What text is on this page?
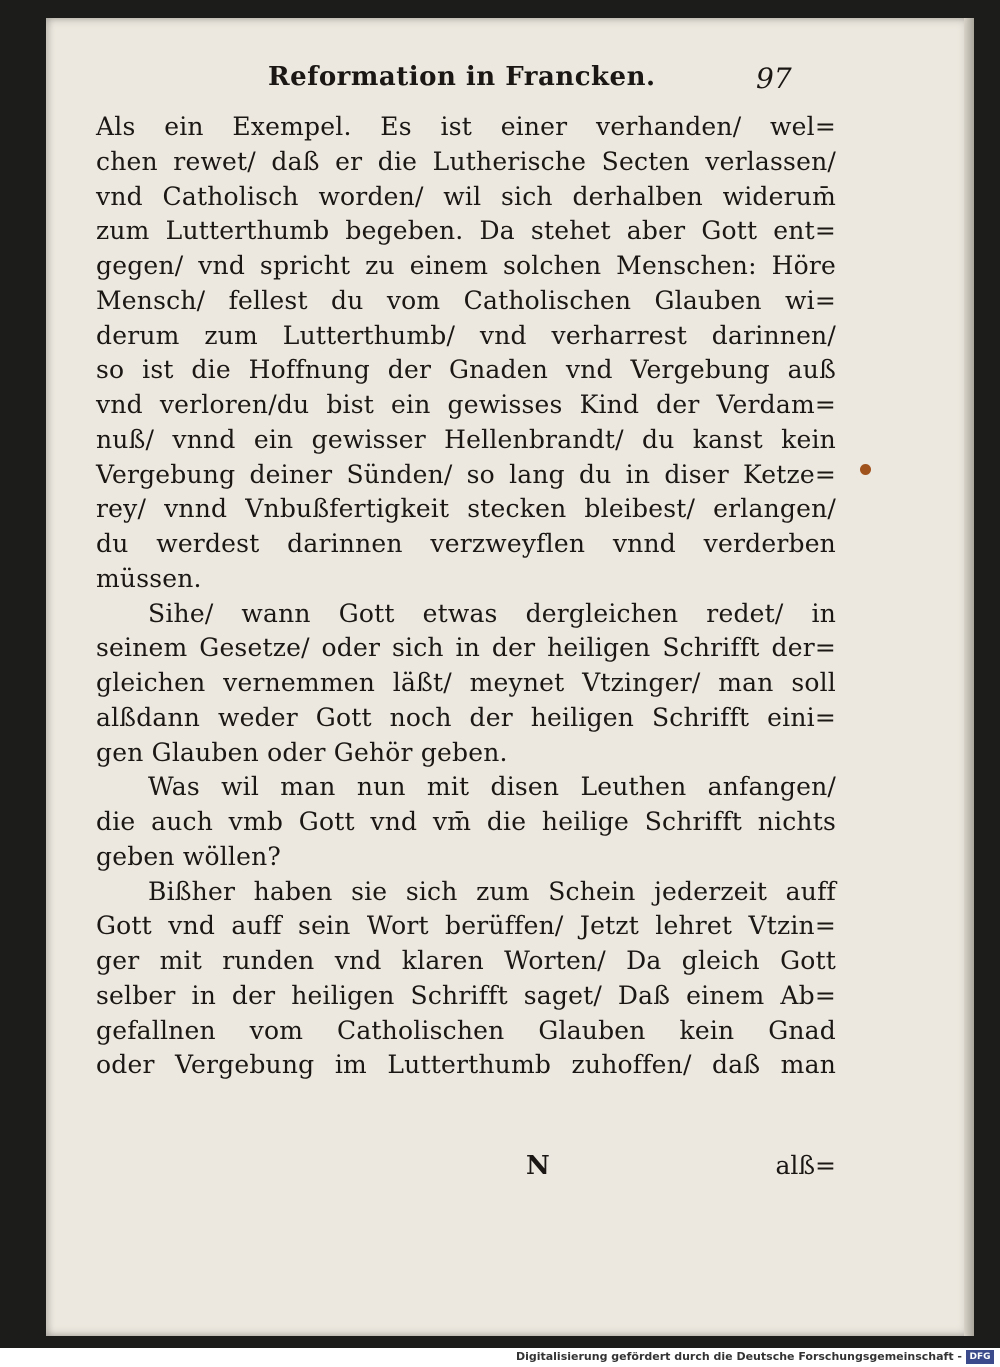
Reformation in Francken.	97
Als ein Exempel. Es ist einer verhanden/ wel=
chen rewet/ daß er die Lutherische Secten verlassen/
vnd Catholisch worden/ wil sich derhalben widerum̄
zum Lutterthumb begeben. Da stehet aber Gott ent=
gegen/ vnd spricht zu einem solchen Menschen: Höre
Mensch/ fellest du vom Catholischen Glauben wi=
derum zum Lutterthumb/ vnd verharrest darinnen/
so ist die Hoffnung der Gnaden vnd Vergebung auß
vnd verloren/du bist ein gewisses Kind der Verdam=
nuß/ vnnd ein gewisser Hellenbrandt/ du kanst kein
Vergebung deiner Sünden/ so lang du in diser Ketze=
rey/ vnnd Vnbußfertigkeit stecken bleibest/ erlangen/
du werdest darinnen verzweyflen vnnd verderben
müssen.
Sihe/ wann Gott etwas dergleichen redet/ in
seinem Gesetze/ oder sich in der heiligen Schrifft der=
gleichen vernemmen läßt/ meynet Vtzinger/ man soll
alßdann weder Gott noch der heiligen Schrifft eini=
gen Glauben oder Gehör geben.
Was wil man nun mit disen Leuthen anfangen/
die auch vmb Gott vnd vm̄ die heilige Schrifft nichts
geben wöllen?
Bißher haben sie sich zum Schein jederzeit auff
Gott vnd auff sein Wort berüffen/ Jetzt lehret Vtzin=
ger mit runden vnd klaren Worten/ Da gleich Gott
selber in der heiligen Schrifft saget/ Daß einem Ab=
gefallnen vom Catholischen Glauben kein Gnad
oder Vergebung im Lutterthumb zuhoffen/ daß man
N	alß=
Digitalisierung gefördert durch die Deutsche Forschungsgemeinschaft - DFG
